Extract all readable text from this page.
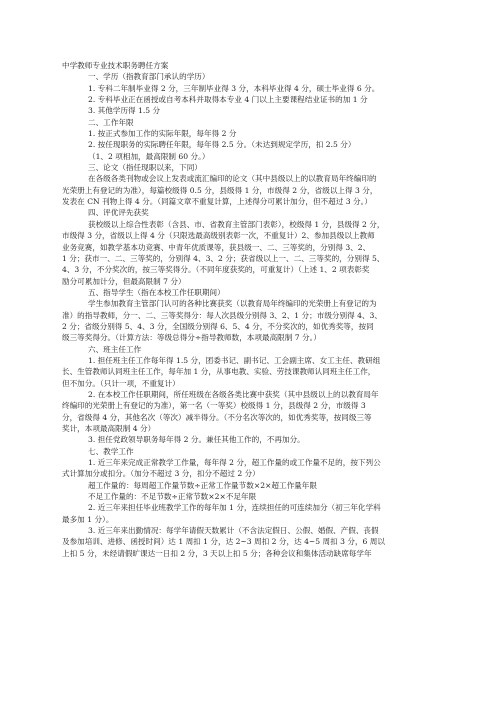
中学教师专业技术职务聘任方案
一、学历（指教育部门承认的学历）
1. 专科二年制毕业得 2 分，三年制毕业得 3 分，本科毕业得 4 分，硕士毕业得 6 分。
2. 专科毕业正在函授或自考本科并取得本专业 4 门以上主要课程结业证书的加 1 分
3. 其他学历得 1.5 分
二、工作年限
1. 按正式参加工作的实际年限，每年得 2 分
2. 按任现职务的实际聘任年限，每年得 2.5 分。（未达到规定学历，扣 2.5 分）
（1、2 项相加，最高限制 60 分。）
三、论文（指任现职以来，下同）
在各级各类刊物或会议上发表或流汇编印的论文（其中县级以上的以教育局年终编印的
光荣册上有登记的为准），每篇校级得 0.5 分，县级得 1 分，市级得 2 分，省级以上得 3 分，
发表在 CN 刊物上得 4 分。（同篇文章不重复计算，上述得分可累计加分，但不超过 3 分。）
四、评优评先获奖
获校级以上综合性表彰（含县、市、省教育主管部门表彰），校级得 1 分，县级得 2 分，
市级得 3 分，省级以上得 4 分（只限选最高级别表彰一次，不重复计）2、参加县级以上教师
业务竞赛，如教学基本功竞赛、中青年优质课等，获县级一、二、三等奖的，分别得 3、2、
1 分；获市一、二、三等奖的，分别得 4、3、2 分；获省级以上一、二、三等奖的，分别得 5、
4、3 分，不分奖次的，按三等奖得分。（不同年度获奖的，可重复计）（上述 1、2 项表彰奖
励分可累加计分，但最高限制 7 分）
五、指导学生（指在本校工作任职期间）
学生参加教育主管部门认可的各种比赛获奖（以教育局年终编印的光荣册上有登记的为
准）的指导教师，分一、二、三等奖得分：每人次县级分别得 3、2、1 分；市级分别得 4、3、
2 分；省级分别得 5、4、3 分，全国级分别得 6、5、4 分，不分奖次的，如优秀奖等，按同
级三等奖得分。（计算方法：等级总得分÷指导教师数，本项最高限制 7 分。）
六、班主任工作
1. 担任班主任工作每年得 1.5 分，团委书记、副书记、工会副主席、女工主任、教研组
长、生管教师认同班主任工作，每年加 1 分，从事电教、实验、劳技课教师认同班主任工作，
但不加分。（只计一项，不重复计）
2. 在本校工作任职期间，所任班级在各级各类比赛中获奖（其中县级以上的以教育局年
终编印的光荣册上有登记的为准），第一名（一等奖）校级得 1 分，县级得 2 分，市级得 3
分，省级得 4 分，其他名次（等次）减半得分。（不分名次等次的，如优秀奖等，按同级三等
奖计，本项最高限制 4 分）
3. 担任党政领导职务每年得 2 分。兼任其他工作的，不再加分。
七、教学工作
1. 近三年来完成正常教学工作量，每年得 2 分，超工作量的或工作量不足的，按下列公
式计算加分或扣分。（加分不超过 3 分，扣分不超过 2 分）
超工作量的：每周超工作量节数÷正常工作量节数×2×超工作量年限
不足工作量的：不足节数÷正常节数×2×不足年限
2. 近三年来担任毕业班教学工作的每年加 1 分，连续担任的可连续加分（初三年化学科
最多加 1 分）。
3. 近三年来出勤情况：每学年请假天数累计（不含法定假日、公假、婚假、产假、丧假
及参加培训、进修、函授时间）达 1 周扣 1 分，达 2~3 周扣 2 分，达 4~5 周扣 3 分，6 周以
上扣 5 分，未经请假旷课达一日扣 2 分，3 天以上扣 5 分；各种会议和集体活动缺席每学年
